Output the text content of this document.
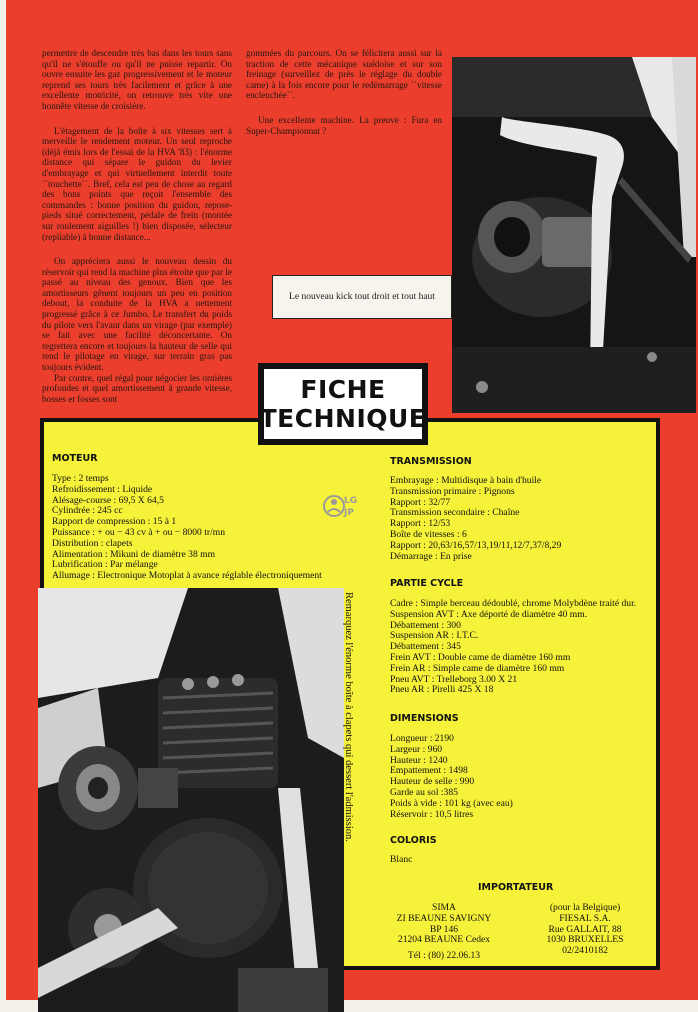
permettre de descendre très bas dans les tours sans qu'il ne s'étouffe ou qu'il ne puisse repartir. On ouvre ensuite les gaz progressivement et le moteur reprend ses tours très facilement et grâce à une excellente motricité, on retrouve très vite une honnête vitesse de croisière.

L'étagement de la boîte à six vitesses sert à merveille le rendement moteur. Un seul reproche (déjà émis lors de l'essai de la HVA '83) : l'énorme distance qui sépare le guidon du levier d'embrayage et qui virtuellement interdit toute ``touchette``. Bref, cela est peu de chose au regard des bons points que reçoit l'ensemble des commandes : bonne position du guidon, repose-pieds situé correctement, pédale de frein (montée sur roulement aiguilles !) bien disposée, sélecteur (repliable) à bonne distance...

On appréciera aussi le nouveau dessin du réservoir qui rend la machine plus étroite que par le passé au niveau des genoux. Bien que les amortisseurs gênent toujours un peu en position debout, la conduite de la HVA a nettement progressé grâce à ce Jumbo. Le transfert du poids du pilote vers l'avant dans un virage (par exemple) se fait avec une facilité déconcertante. On regrettera encore et toujours la hauteur de selle qui rend le pilotage en virage, sur terrain gras pas toujours évident.

Par contre, quel régal pour négocier les ornières profondes et quel amortissement à grande vitesse, bosses et fosses sont

gommées du parcours. On se félicitera aussi sur la traction de cette mécanique suédoise et sur son freinage (surveillez de près le réglage du double came) à la fois encore pour le redémarrage ``vitesse enclenchée``.

Une excellente machine. La preuve : Fura en Super-Championnat ?

Le nouveau kick tout droit et tout haut
FICHE
TECHNIQUE
LG
JP
MOTEUR
Type : 2 temps
Refroidissement : Liquide
Alésage-course : 69,5 X 64,5
Cylindrée : 245 cc
Rapport de compression : 15 à 1
Puissance : + ou − 43 cv à + ou − 8000 tr/mn
Distribution : clapets
Alimentation : Mikuni de diamètre 38 mm
Lubrification : Par mélange
Allumage : Electronique Motoplat à avance réglable électroniquement
TRANSMISSION
Embrayage : Multidisque à bain d'huile
Transmission primaire : Pignons
Rapport : 32/77
Transmission secondaire : Chaîne
Rapport : 12/53
Boîte de vitesses : 6
Rapport : 20,63/16,57/13,19/11,12/7,37/8,29
Démarrage : En prise
PARTIE CYCLE
Cadre : Simple berceau dédoublé, chrome Molybdène traité dur.
Suspension AVT : Axe déporté de diamètre 40 mm.
Débattement : 300
Suspension AR : I.T.C.
Débattement : 345
Frein AVT : Double came de diamètre 160 mm
Frein AR : Simple came de diamètre 160 mm
Pneu AVT : Trelleborg 3.00 X 21
Pneu AR : Pirelli 425 X 18
DIMENSIONS
Longueur : 2190
Largeur : 960
Hauteur : 1240
Empattement : 1498
Hauteur de selle : 990
Garde au sol :385
Poids à vide : 101 kg (avec eau)
Réservoir : 10,5 litres
COLORIS
Blanc
IMPORTATEUR
SIMA
ZI BEAUNE SAVIGNY
BP 146
21204 BEAUNE Cedex
Tél : (80) 22.06.13
(pour la Belgique)
FIESAL S.A.
Rue GALLAIT, 88
1030 BRUXELLES
02/2410182
Remarquez l'énorme boîte à clapets qui dessert l'admission.
